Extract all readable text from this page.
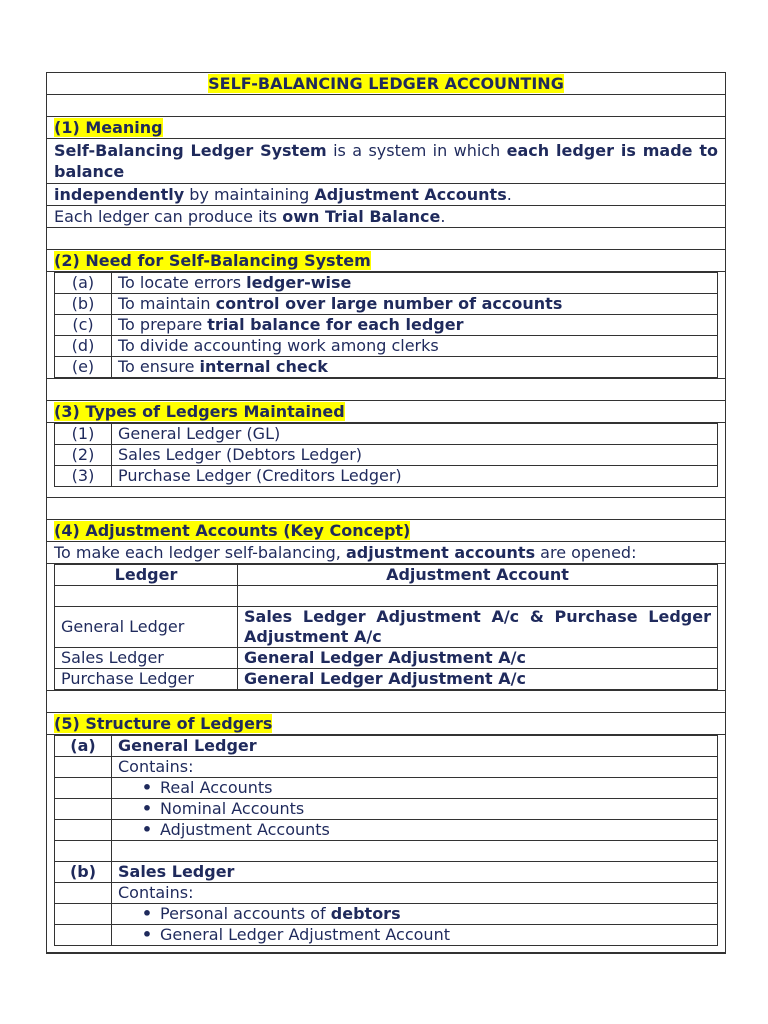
SELF-BALANCING LEDGER ACCOUNTING
(1) Meaning
Self-Balancing Ledger System is a system in which each ledger is made to balance
independently by maintaining Adjustment Accounts.
Each ledger can produce its own Trial Balance.
(2) Need for Self-Balancing System
(a)	To locate errors ledger-wise
(b)	To maintain control over large number of accounts
(c)	To prepare trial balance for each ledger
(d)	To divide accounting work among clerks
(e)	To ensure internal check
(3) Types of Ledgers Maintained
(1)	General Ledger (GL)
(2)	Sales Ledger (Debtors Ledger)
(3)	Purchase Ledger (Creditors Ledger)
(4) Adjustment Accounts (Key Concept)
To make each ledger self-balancing, adjustment accounts are opened:
Ledger	Adjustment Account

General Ledger	Sales Ledger Adjustment A/c & Purchase Ledger Adjustment A/c
Sales Ledger	General Ledger Adjustment A/c
Purchase Ledger	General Ledger Adjustment A/c
(5) Structure of Ledgers
(a)	General Ledger
	Contains:
	• Real Accounts
	• Nominal Accounts
	• Adjustment Accounts

(b)	Sales Ledger
	Contains:
	• Personal accounts of debtors
	• General Ledger Adjustment Account
